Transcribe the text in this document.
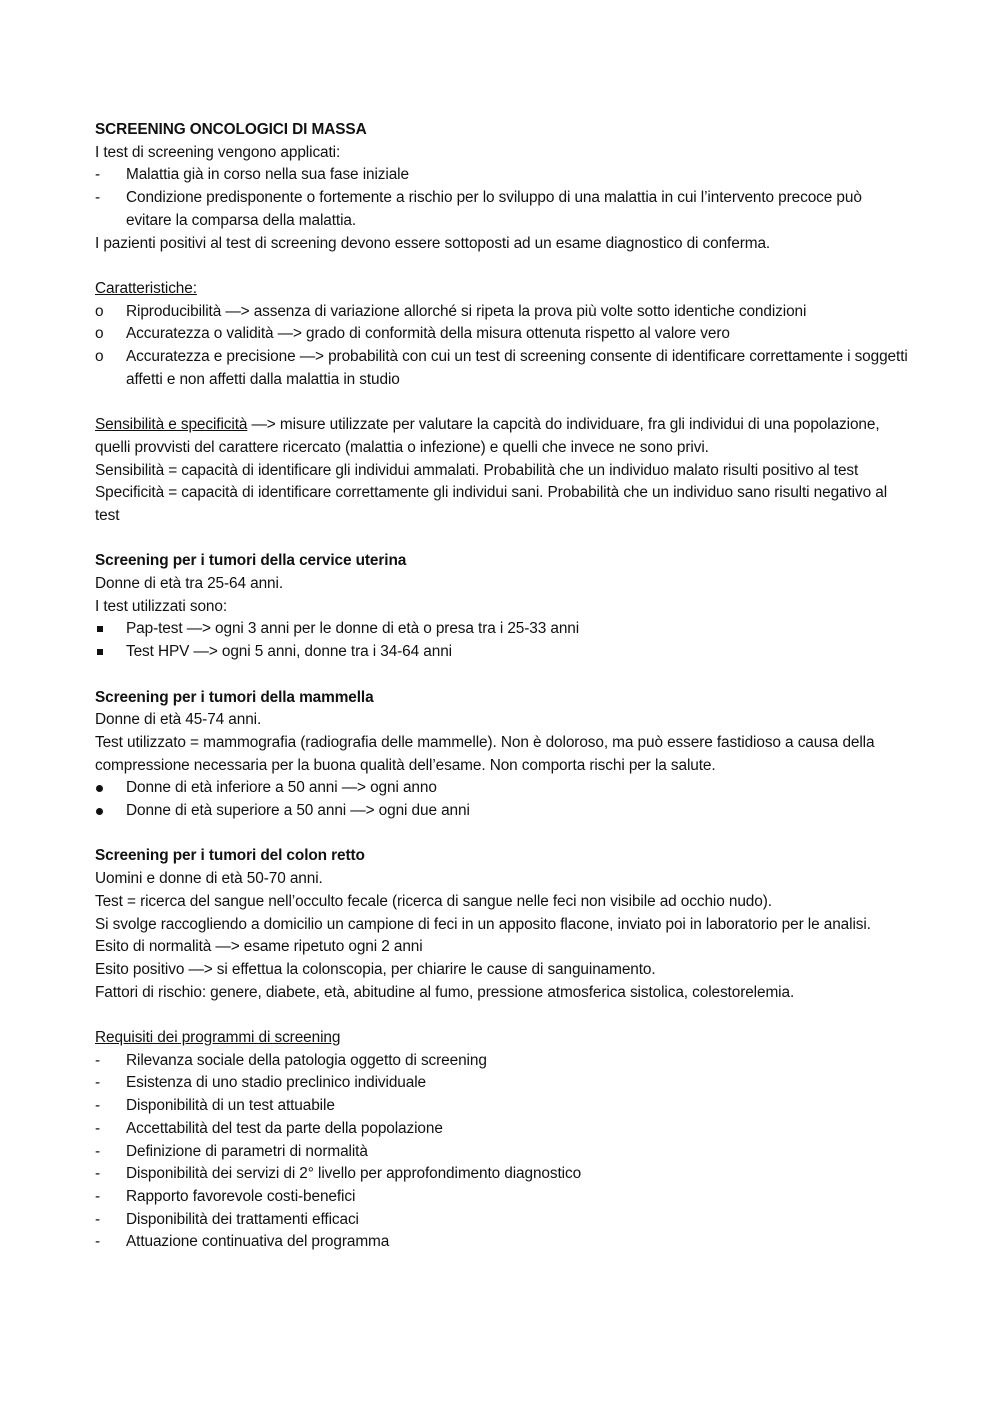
SCREENING ONCOLOGICI DI MASSA
I test di screening vengono applicati:
-
Malattia già in corso nella sua fase iniziale
-
Condizione predisponente o fortemente a rischio per lo sviluppo di una malattia in cui l’intervento precoce può evitare la comparsa della malattia.
I pazienti positivi al test di screening devono essere sottoposti ad un esame diagnostico di conferma.
Caratteristiche:
o
Riproducibilità —> assenza di variazione allorché si ripeta la prova più volte sotto identiche condizioni
o
Accuratezza o validità —> grado di conformità della misura ottenuta rispetto al valore vero
o
Accuratezza e precisione —> probabilità con cui un test di screening consente di identificare correttamente i soggetti affetti e non affetti dalla malattia in studio
Sensibilità e specificità —> misure utilizzate per valutare la capcità do individuare, fra gli individui di una popolazione, quelli provvisti del carattere ricercato (malattia o infezione) e quelli che invece ne sono privi.
Sensibilità = capacità di identificare gli individui ammalati. Probabilità che un individuo malato risulti positivo al test
Specificità = capacità di identificare correttamente gli individui sani. Probabilità che un individuo sano risulti negativo al test
Screening per i tumori della cervice uterina
Donne di età tra 25-64 anni.
I test utilizzati sono:
Pap-test —> ogni 3 anni per le donne di età o presa tra i 25-33 anni
Test HPV —> ogni 5 anni, donne tra i 34-64 anni
Screening per i tumori della mammella
Donne di età 45-74 anni.
Test utilizzato = mammografia (radiografia delle mammelle). Non è doloroso, ma può essere fastidioso a causa della compressione necessaria per la buona qualità dell’esame. Non comporta rischi per la salute.
Donne di età inferiore a 50 anni —> ogni anno
Donne di età superiore a 50 anni —> ogni due anni
Screening per i tumori del colon retto
Uomini e donne di età 50-70 anni.
Test = ricerca del sangue nell’occulto fecale (ricerca di sangue nelle feci non visibile ad occhio nudo).
Si svolge raccogliendo a domicilio un campione di feci in un apposito flacone, inviato poi in laboratorio per le analisi.
Esito di normalità —> esame ripetuto ogni 2 anni
Esito positivo —> si effettua la colonscopia, per chiarire le cause di sanguinamento.
Fattori di rischio: genere, diabete, età, abitudine al fumo, pressione atmosferica sistolica, colestorelemia.
Requisiti dei programmi di screening
-
Rilevanza sociale della patologia oggetto di screening
-
Esistenza di uno stadio preclinico individuale
-
Disponibilità di un test attuabile
-
Accettabilità del test da parte della popolazione
-
Definizione di parametri di normalità
-
Disponibilità dei servizi di 2° livello per approfondimento diagnostico
-
Rapporto favorevole costi-benefici
-
Disponibilità dei trattamenti efficaci
-
Attuazione continuativa del programma
